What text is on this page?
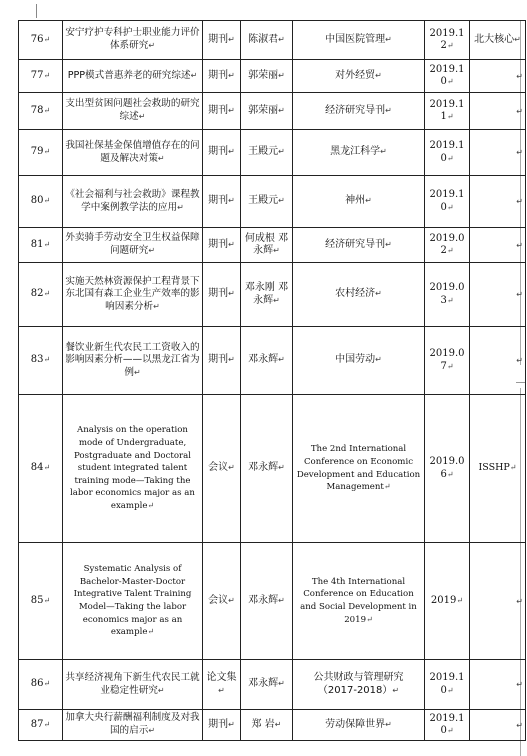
76↵	安宁疗护专科护士职业能力评价体系研究↵	期刊↵	陈淑君↵	中国医院管理↵	2019.12↵	北大核心↵
77↵	PPP模式普惠养老的研究综述↵	期刊↵	郭荣丽↵	对外经贸↵	2019.10↵	↵

78↵	支出型贫困问题社会救助的研究综述↵	期刊↵	郭荣丽↵	经济研究导刊↵	2019.11↵	↵

79↵	我国社保基金保值增值存在的问题及解决对策↵	期刊↵	王殿元↵	黑龙江科学↵	2019.10↵	↵

80↵	《社会福利与社会救助》课程教学中案例教学法的应用↵	期刊↵	王殿元↵	神州↵	2019.10↵	↵

81↵	外卖骑手劳动安全卫生权益保障问题研究↵	期刊↵	何成根 邓永辉↵	经济研究导刊↵	2019.02↵	↵

82↵	实施天然林资源保护工程背景下东北国有森工企业生产效率的影响因素分析↵	期刊↵	邓永刚 邓永辉↵	农村经济↵	2019.03↵	↵

83↵	餐饮业新生代农民工工资收入的影响因素分析——以黑龙江省为例↵	期刊↵	邓永辉↵	中国劳动↵	2019.07↵	↵

84↵	Analysis on the operation mode of Undergraduate, Postgraduate and Doctoral student integrated talent training mode—Taking the labor economics major as an example↵	会议↵	邓永辉↵	The 2nd International Conference on Economic Development and Education Management↵	2019.06↵	ISSHP↵
85↵	Systematic Analysis of Bachelor-Master-Doctor Integrative Talent Training Model—Taking the labor economics major as an example↵	会议↵	邓永辉↵	The 4th International Conference on Education and Social Development in 2019↵	2019↵	↵

86↵	共享经济视角下新生代农民工就业稳定性研究↵	论文集↵	邓永辉↵	公共财政与管理研究（2017-2018）↵	2019.10↵	↵

87↵	加拿大央行薪酬福利制度及对我国的启示↵	期刊↵	郑 岩↵	劳动保障世界↵	2019.10↵	↵
